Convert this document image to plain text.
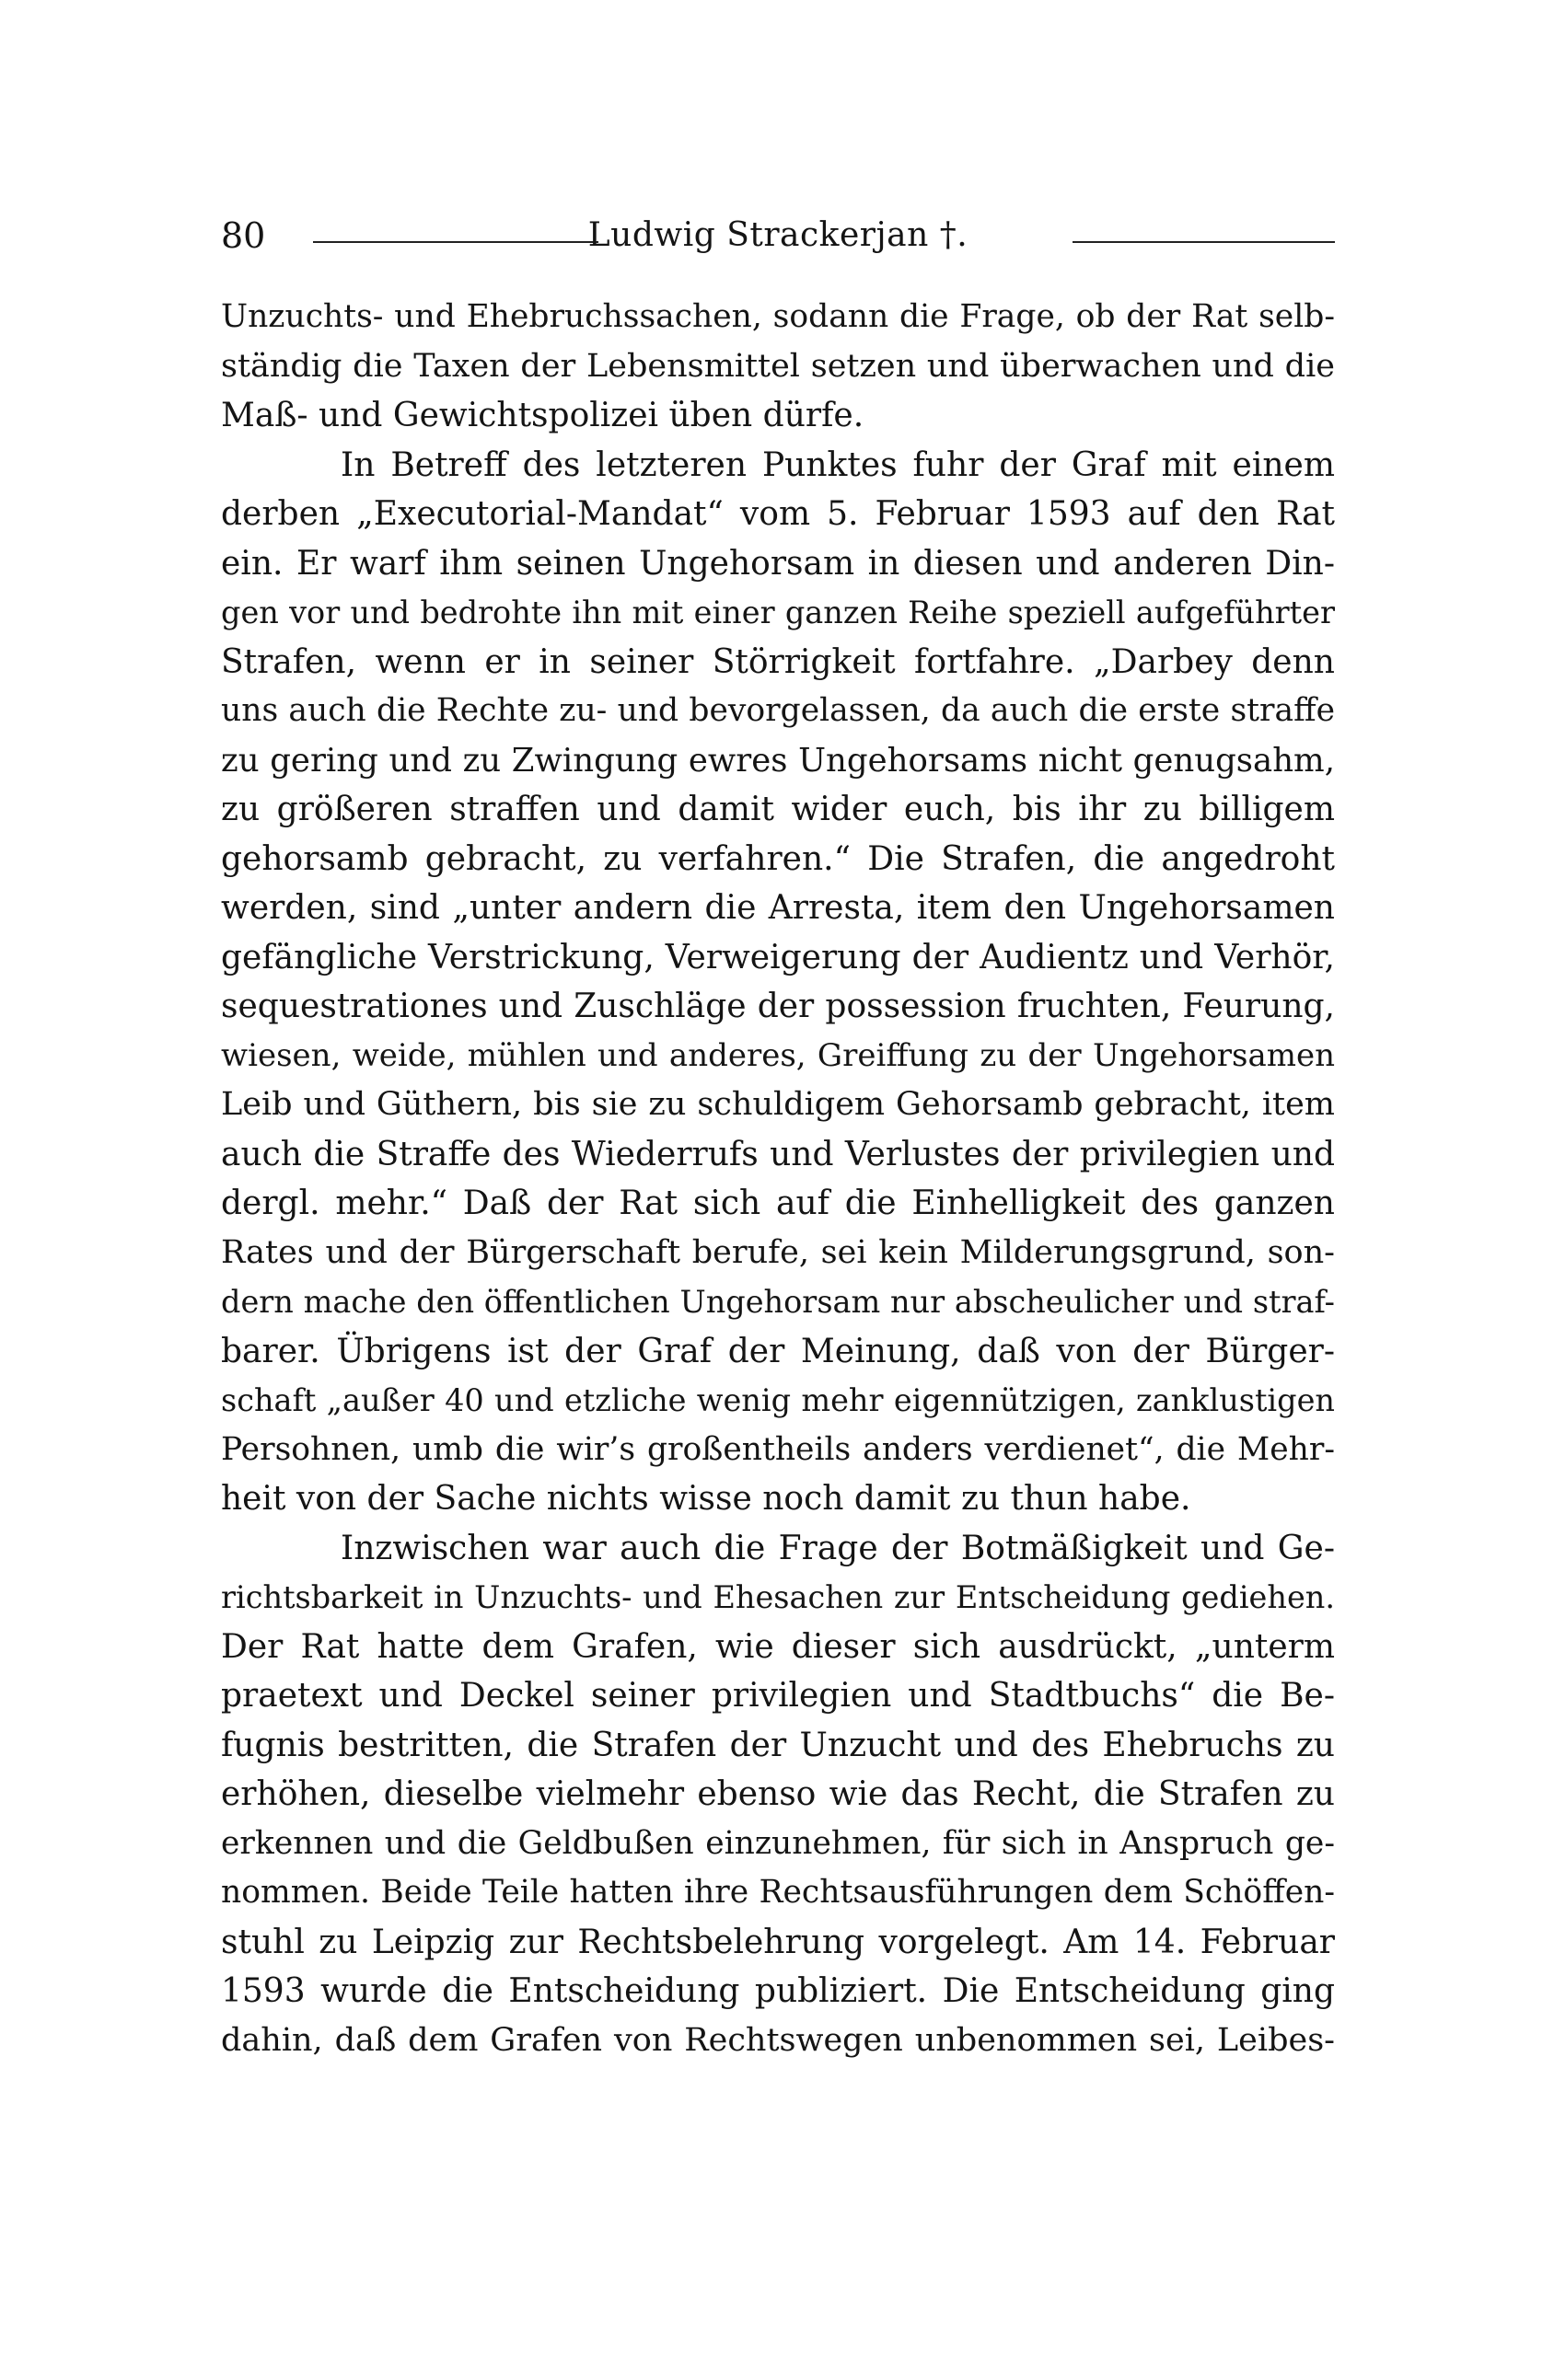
80	Ludwig Strackerjan †.
Unzuchts- und Ehebruchssachen, sodann die Frage, ob der Rat selb-
ständig die Taxen der Lebensmittel setzen und überwachen und die
Maß- und Gewichtspolizei üben dürfe.
In Betreff des letzteren Punktes fuhr der Graf mit einem
derben „Executorial-Mandat“ vom 5. Februar 1593 auf den Rat
ein. Er warf ihm seinen Ungehorsam in diesen und anderen Din-
gen vor und bedrohte ihn mit einer ganzen Reihe speziell aufgeführter
Strafen, wenn er in seiner Störrigkeit fortfahre. „Darbey denn
uns auch die Rechte zu- und bevorgelassen, da auch die erste straffe
zu gering und zu Zwingung ewres Ungehorsams nicht genugsahm,
zu größeren straffen und damit wider euch, bis ihr zu billigem
gehorsamb gebracht, zu verfahren.“ Die Strafen, die angedroht
werden, sind „unter andern die Arresta, item den Ungehorsamen
gefängliche Verstrickung, Verweigerung der Audientz und Verhör,
sequestrationes und Zuschläge der possession fruchten, Feurung,
wiesen, weide, mühlen und anderes, Greiffung zu der Ungehorsamen
Leib und Güthern, bis sie zu schuldigem Gehorsamb gebracht, item
auch die Straffe des Wiederrufs und Verlustes der privilegien und
dergl. mehr.“ Daß der Rat sich auf die Einhelligkeit des ganzen
Rates und der Bürgerschaft berufe, sei kein Milderungsgrund, son-
dern mache den öffentlichen Ungehorsam nur abscheulicher und straf-
barer. Übrigens ist der Graf der Meinung, daß von der Bürger-
schaft „außer 40 und etzliche wenig mehr eigennützigen, zanklustigen
Persohnen, umb die wir’s großentheils anders verdienet“, die Mehr-
heit von der Sache nichts wisse noch damit zu thun habe.
Inzwischen war auch die Frage der Botmäßigkeit und Ge-
richtsbarkeit in Unzuchts- und Ehesachen zur Entscheidung gediehen.
Der Rat hatte dem Grafen, wie dieser sich ausdrückt, „unterm
praetext und Deckel seiner privilegien und Stadtbuchs“ die Be-
fugnis bestritten, die Strafen der Unzucht und des Ehebruchs zu
erhöhen, dieselbe vielmehr ebenso wie das Recht, die Strafen zu
erkennen und die Geldbußen einzunehmen, für sich in Anspruch ge-
nommen. Beide Teile hatten ihre Rechtsausführungen dem Schöffen-
stuhl zu Leipzig zur Rechtsbelehrung vorgelegt. Am 14. Februar
1593 wurde die Entscheidung publiziert. Die Entscheidung ging
dahin, daß dem Grafen von Rechtswegen unbenommen sei, Leibes-
